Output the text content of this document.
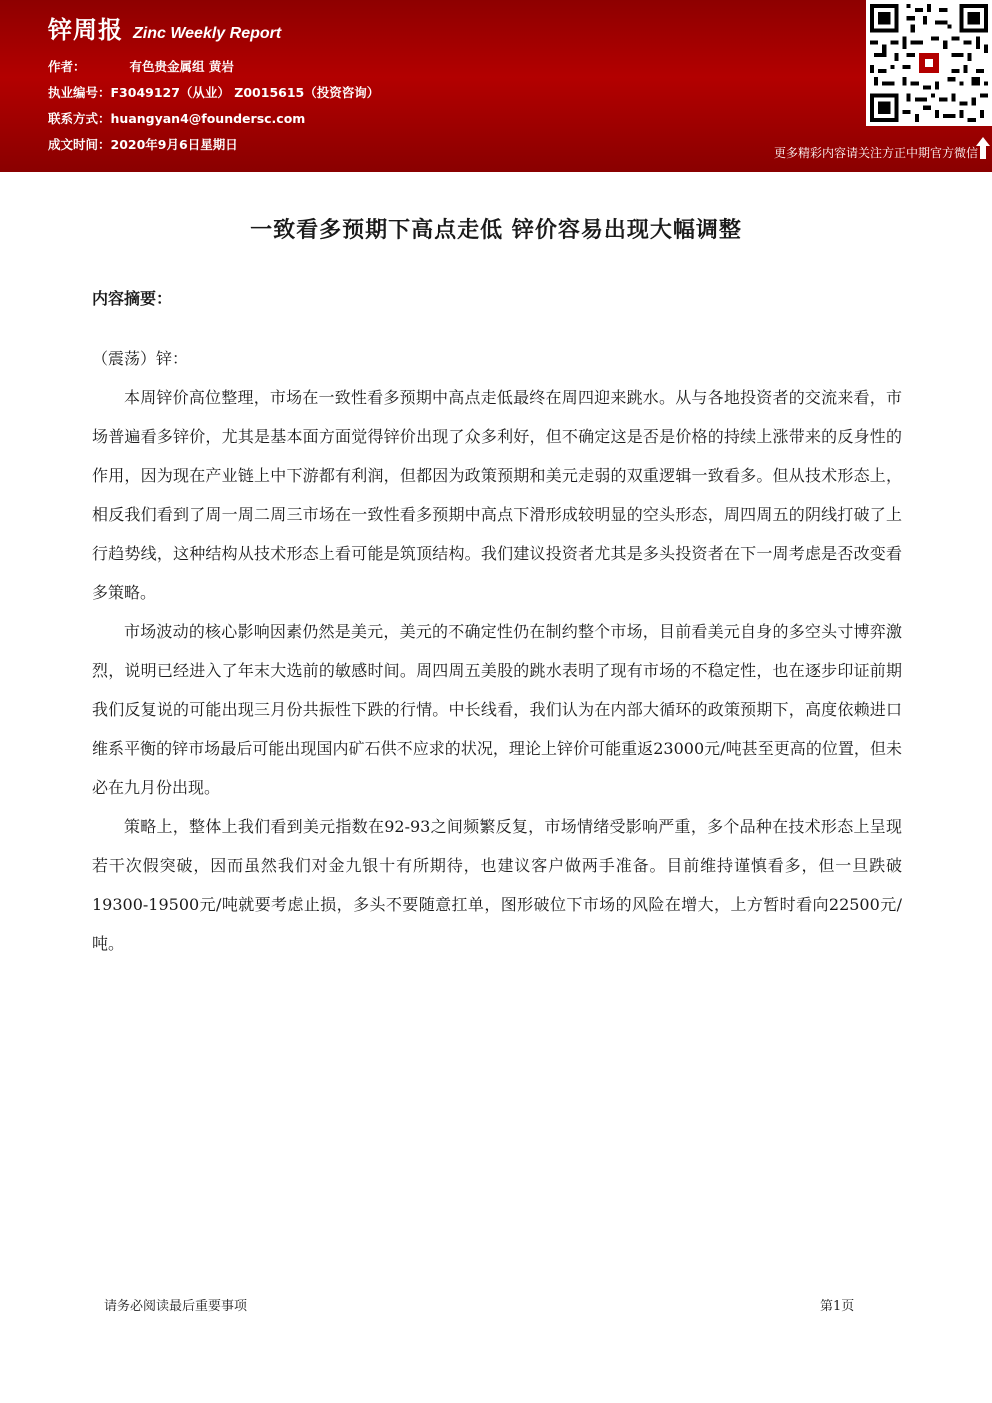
锌周报 Zinc Weekly Report
作者：	有色贵金属组 黄岩
执业编号：F3049127（从业） Z0015615（投资咨询）
联系方式：huangyan4@foundersc.com
成文时间：2020年9月6日星期日
更多精彩内容请关注方正中期官方微信
一致看多预期下高点走低 锌价容易出现大幅调整
内容摘要：

（震荡）锌：

本周锌价高位整理，市场在一致性看多预期中高点走低最终在周四迎来跳水。从与各地投资者的交流来看，市场普遍看多锌价，尤其是基本面方面觉得锌价出现了众多利好，但不确定这是否是价格的持续上涨带来的反身性的作用，因为现在产业链上中下游都有利润，但都因为政策预期和美元走弱的双重逻辑一致看多。但从技术形态上，相反我们看到了周一周二周三市场在一致性看多预期中高点下滑形成较明显的空头形态，周四周五的阴线打破了上行趋势线，这种结构从技术形态上看可能是筑顶结构。我们建议投资者尤其是多头投资者在下一周考虑是否改变看多策略。

市场波动的核心影响因素仍然是美元，美元的不确定性仍在制约整个市场，目前看美元自身的多空头寸博弈激烈，说明已经进入了年末大选前的敏感时间。周四周五美股的跳水表明了现有市场的不稳定性，也在逐步印证前期我们反复说的可能出现三月份共振性下跌的行情。中长线看，我们认为在内部大循环的政策预期下，高度依赖进口维系平衡的锌市场最后可能出现国内矿石供不应求的状况，理论上锌价可能重返23000元/吨甚至更高的位置，但未必在九月份出现。

策略上，整体上我们看到美元指数在92-93之间频繁反复，市场情绪受影响严重，多个品种在技术形态上呈现若干次假突破，因而虽然我们对金九银十有所期待，也建议客户做两手准备。目前维持谨慎看多，但一旦跌破19300-19500元/吨就要考虑止损，多头不要随意扛单，图形破位下市场的风险在增大，上方暂时看向22500元/吨。

请务必阅读最后重要事项	第1页
